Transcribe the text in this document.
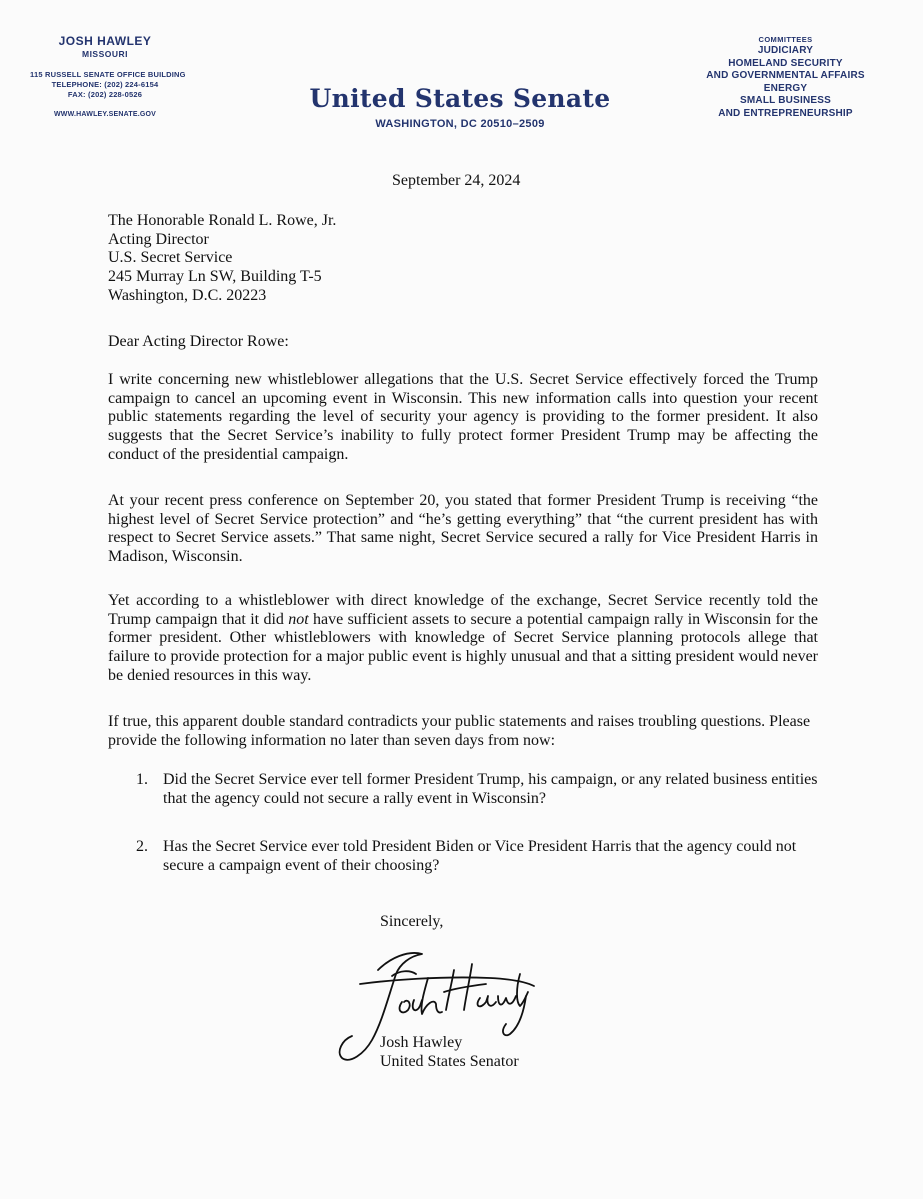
JOSH HAWLEY
MISSOURI
115 RUSSELL SENATE OFFICE BUILDING
TELEPHONE: (202) 224-6154
FAX: (202) 228-0526
WWW.HAWLEY.SENATE.GOV
United States Senate
WASHINGTON, DC 20510–2509
COMMITTEES
JUDICIARY
HOMELAND SECURITY
AND GOVERNMENTAL AFFAIRS
ENERGY
SMALL BUSINESS
AND ENTREPRENEURSHIP
September 24, 2024
The Honorable Ronald L. Rowe, Jr.
Acting Director
U.S. Secret Service
245 Murray Ln SW, Building T-5
Washington, D.C. 20223
Dear Acting Director Rowe:
I write concerning new whistleblower allegations that the U.S. Secret Service effectively forced the Trump campaign to cancel an upcoming event in Wisconsin. This new information calls into question your recent public statements regarding the level of security your agency is providing to the former president. It also suggests that the Secret Service’s inability to fully protect former President Trump may be affecting the conduct of the presidential campaign.
At your recent press conference on September 20, you stated that former President Trump is receiving “the highest level of Secret Service protection” and “he’s getting everything” that “the current president has with respect to Secret Service assets.” That same night, Secret Service secured a rally for Vice President Harris in Madison, Wisconsin.
Yet according to a whistleblower with direct knowledge of the exchange, Secret Service recently told the Trump campaign that it did not have sufficient assets to secure a potential campaign rally in Wisconsin for the former president. Other whistleblowers with knowledge of Secret Service planning protocols allege that failure to provide protection for a major public event is highly unusual and that a sitting president would never be denied resources in this way.
If true, this apparent double standard contradicts your public statements and raises troubling questions. Please provide the following information no later than seven days from now:
1. Did the Secret Service ever tell former President Trump, his campaign, or any related business entities that the agency could not secure a rally event in Wisconsin?
2. Has the Secret Service ever told President Biden or Vice President Harris that the agency could not secure a campaign event of their choosing?
Sincerely,
Josh Hawley
United States Senator
